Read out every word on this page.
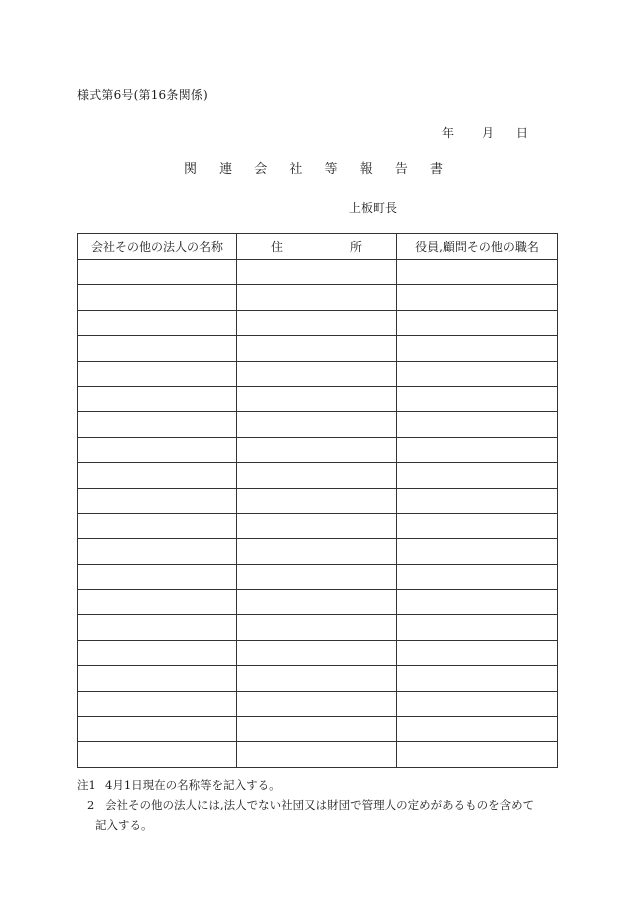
様式第6号(第16条関係)
年 月 日
関 連 会 社 等 報 告 書
上板町長
会社その他の法人の名称	住 所	役員,顧問その他の職名

注1 4月1日現在の名称等を記入する。
2 会社その他の法人には,法人でない社団又は財団で管理人の定めがあるものを含めて
記入する。
